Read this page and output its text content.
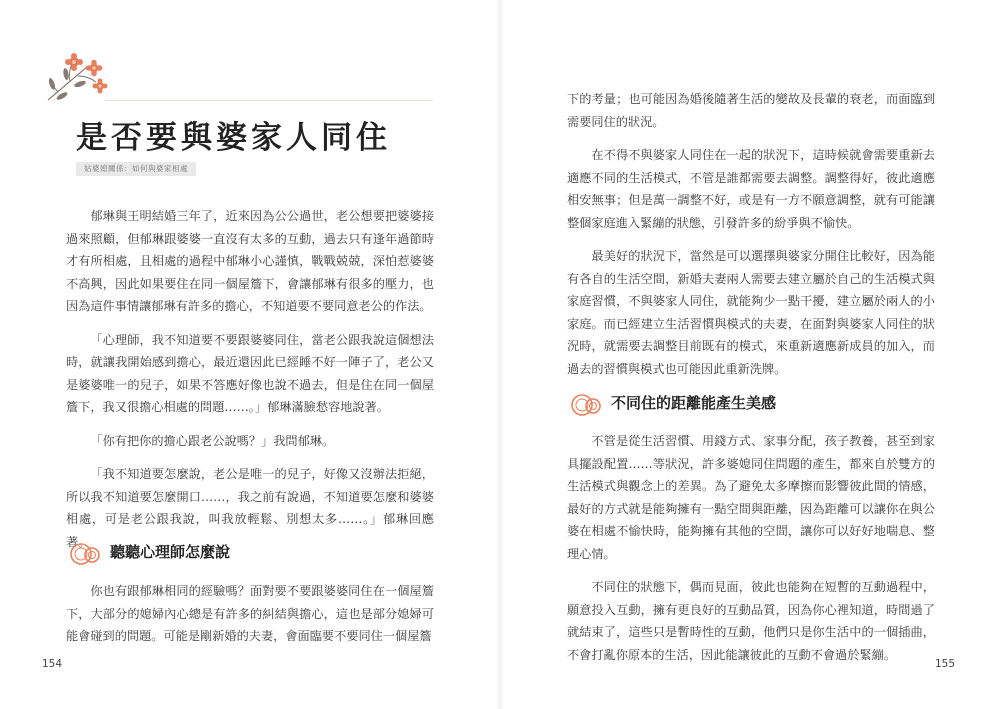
是否要與婆家人同住
姑婆媳關係：如何與婆家相處

郁琳與王明結婚三年了，近來因為公公過世，老公想要把婆婆接過來照顧，但郁琳跟婆婆一直沒有太多的互動，過去只有逢年過節時才有所相處，且相處的過程中郁琳小心謹慎，戰戰兢兢，深怕惹婆婆不高興，因此如果要住在同一個屋簷下，會讓郁琳有很多的壓力，也因為這件事情讓郁琳有許多的擔心，不知道要不要同意老公的作法。

「心理師，我不知道要不要跟婆婆同住，當老公跟我說這個想法時，就讓我開始感到擔心，最近還因此已經睡不好一陣子了，老公又是婆婆唯一的兒子，如果不答應好像也說不過去，但是住在同一個屋簷下，我又很擔心相處的問題……。」郁琳滿臉愁容地說著。

「你有把你的擔心跟老公說嗎？」我問郁琳。

「我不知道要怎麼說，老公是唯一的兒子，好像又沒辦法拒絕，所以我不知道要怎麼開口……，我之前有說過，不知道要怎麼和婆婆相處，可是老公跟我說，叫我放輕鬆、別想太多……。」郁琳回應著。

聽聽心理師怎麼說

你也有跟郁琳相同的經驗嗎？面對要不要跟婆婆同住在一個屋簷下，大部分的媳婦內心總是有許多的糾結與擔心，這也是部分媳婦可能會碰到的問題。可能是剛新婚的夫妻，會面臨要不要同住一個屋簷

154

下的考量；也可能因為婚後隨著生活的變故及長輩的衰老，而面臨到需要同住的狀況。

在不得不與婆家人同住在一起的狀況下，這時候就會需要重新去適應不同的生活模式，不管是誰都需要去調整。調整得好，彼此適應相安無事；但是萬一調整不好，或是有一方不願意調整，就有可能讓整個家庭進入緊繃的狀態，引發許多的紛爭與不愉快。

最美好的狀況下，當然是可以選擇與婆家分開住比較好，因為能有各自的生活空間，新婚夫妻兩人需要去建立屬於自己的生活模式與家庭習慣，不與婆家人同住，就能夠少一點干擾，建立屬於兩人的小家庭。而已經建立生活習慣與模式的夫妻，在面對與婆家人同住的狀況時，就需要去調整目前既有的模式，來重新適應新成員的加入，而過去的習慣與模式也可能因此重新洗牌。

不同住的距離能產生美感

不管是從生活習慣、用錢方式、家事分配，孩子教養，甚至到家具擺設配置……等狀況，許多婆媳同住問題的產生，都來自於雙方的生活模式與觀念上的差異。為了避免太多摩擦而影響彼此間的情感，最好的方式就是能夠擁有一點空間與距離，因為距離可以讓你在與公婆在相處不愉快時，能夠擁有其他的空間，讓你可以好好地喘息、整理心情。

不同住的狀態下，偶而見面，彼此也能夠在短暫的互動過程中，願意投入互動，擁有更良好的互動品質，因為你心裡知道，時間過了就結束了，這些只是暫時性的互動，他們只是你生活中的一個插曲，不會打亂你原本的生活，因此能讓彼此的互動不會過於緊繃。

155
